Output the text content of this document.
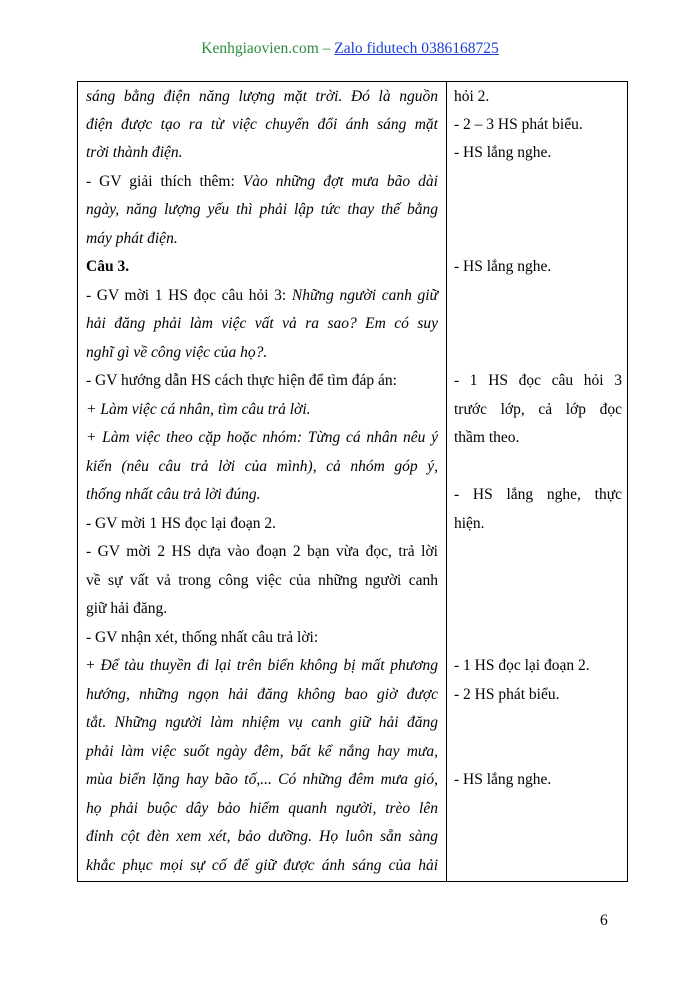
Kenhgiaovien.com – Zalo fidutech 0386168725
sáng bằng điện năng lượng mặt trời. Đó là nguồn
điện được tạo ra từ việc chuyển đổi ánh sáng mặt
trời thành điện.
- GV giải thích thêm: Vào những đợt mưa bão dài
ngày, năng lượng yếu thì phải lập tức thay thế bằng
máy phát điện.
Câu 3.
- GV mời 1 HS đọc câu hỏi 3: Những người canh giữ
hải đăng phải làm việc vất vả ra sao? Em có suy
nghĩ gì về công việc của họ?.
- GV hướng dẫn HS cách thực hiện để tìm đáp án:
+ Làm việc cá nhân, tìm câu trả lời.
+ Làm việc theo cặp hoặc nhóm: Từng cá nhân nêu ý
kiến (nêu câu trả lời của mình), cả nhóm góp ý,
thống nhất câu trả lời đúng.
- GV mời 1 HS đọc lại đoạn 2.
- GV mời 2 HS dựa vào đoạn 2 bạn vừa đọc, trả lời
về sự vất vả trong công việc của những người canh
giữ hải đăng.
- GV nhận xét, thống nhất câu trả lời:
+ Để tàu thuyền đi lại trên biển không bị mất phương
hướng, những ngọn hải đăng không bao giờ được
tắt. Những người làm nhiệm vụ canh giữ hải đăng
phải làm việc suốt ngày đêm, bất kể nắng hay mưa,
mùa biển lặng hay bão tố,... Có những đêm mưa gió,
họ phải buộc dây bảo hiểm quanh người, trèo lên
đỉnh cột đèn xem xét, bảo dưỡng. Họ luôn sẵn sàng
khắc phục mọi sự cố để giữ được ánh sáng của hải
hỏi 2.
- 2 – 3 HS phát biểu.
- HS lắng nghe.
- HS lắng nghe.
- 1 HS đọc câu hỏi 3
trước lớp, cả lớp đọc
thầm theo.
- HS lắng nghe, thực
hiện.
- 1 HS đọc lại đoạn 2.
- 2 HS phát biểu.
- HS lắng nghe.
6
